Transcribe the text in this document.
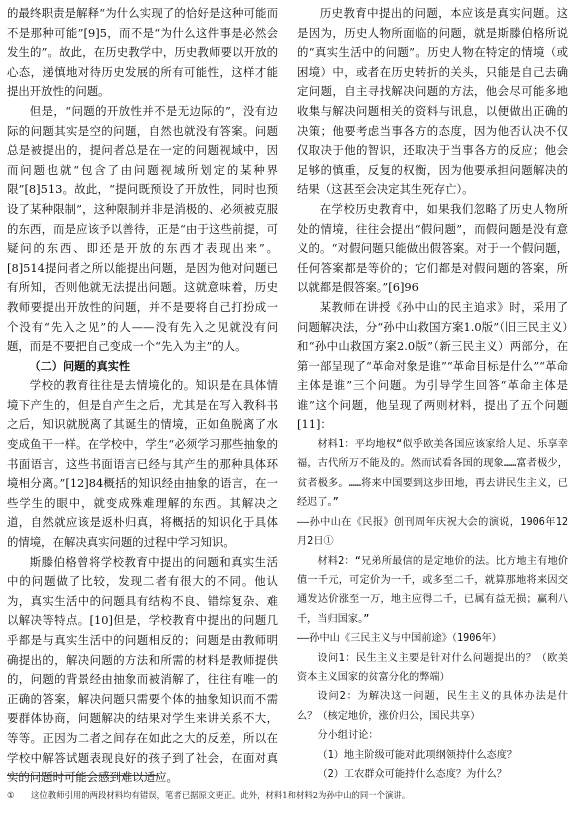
的最终职责是解释“为什么实现了的恰好是这种可能而不是那种可能”[9]5，而不是“为什么这件事是必然会发生的”。故此，在历史教学中，历史教师要以开放的心态，递慎地对待历史发展的所有可能性，这样才能提出开放性的问题。

但是，“问题的开放性并不是无边际的”，没有边际的问题其实是空的问题，自然也就没有答案。问题总是被提出的，提问者总是在一定的问题视域中，因而问题也就“包含了由问题视域所划定的某种界限”[8]513。故此，“提问既预设了开放性，同时也预设了某种限制”，这种限制并非是消极的、必须被克服的东西，而是应该予以善待，正是“由于这些前提，可疑问的东西、即还是开放的东西才表现出来”。[8]514提问者之所以能提出问题，是因为他对问题已有所知，否则他就无法提出问题。这就意味着，历史教师要提出开放性的问题，并不是要将自己打扮成一个没有“先入之见”的人——没有先入之见就没有问题，而是不要把自己变成一个“先入为主”的人。

（二）问题的真实性

学校的教育往往是去情境化的。知识是在具体情境下产生的，但是自产生之后，尤其是在写入教科书之后，知识就脱离了其诞生的情境，正如鱼脱离了水变成鱼干一样。在学校中，学生“必须学习那些抽象的书面语言，这些书面语言已经与其产生的那种具体环境相分离。”[12]84概括的知识经由抽象的语言，在一些学生的眼中，就变成殊难理解的东西。其解决之道，自然就应该是返朴归真，将概括的知识化于具体的情境，在解决真实问题的过程中学习知识。

斯滕伯格曾将学校教育中提出的问题和真实生活中的问题做了比较，发现二者有很大的不同。他认为，真实生活中的问题具有结构不良、错综复杂、难以解决等特点。[10]但是，学校教育中提出的问题几乎都是与真实生活中的问题相反的；问题是由教师明确提出的，解决问题的方法和所需的材料是教师提供的，问题的背景经由抽象而被消解了，往往有唯一的正确的答案，解决问题只需要个体的抽象知识而不需要群体协商，问题解决的结果对学生来讲关系不大，等等。正因为二者之间存在如此之大的反差，所以在学校中解答试题表现良好的孩子到了社会，在面对真实的问题时可能会感到难以适应。

历史教育中提出的问题，本应该是真实问题。这是因为，历史人物所面临的问题，就是斯滕伯格所说的“真实生活中的问题”。历史人物在特定的情境（或困境）中，或者在历史转折的关头，只能是自己去确定问题，自主寻找解决问题的方法，他会尽可能多地收集与解决问题相关的资料与讯息，以便做出正确的决策；他要考虑当事各方的态度，因为他否认决不仅仅取决于他的智识，还取决于当事各方的反应；他会足够的慎重，反复的权衡，因为他要承担问题解决的结果（这甚至会决定其生死存亡）。

在学校历史教育中，如果我们忽略了历史人物所处的情境，往往会提出“假问题”，而假问题是没有意义的。“对假问题只能做出假答案。对于一个假问题，任何答案都是等价的；它们都是对假问题的答案，所以就都是假答案。”[6]96

某教师在讲授《孙中山的民主追求》时，采用了问题解决法，分“孙中山救国方案1.0版”（旧三民主义）和“孙中山救国方案2.0版”（新三民主义）两部分，在第一部呈现了“革命对象是谁”“革命目标是什么”“革命主体是谁”三个问题。为引导学生回答“革命主体是谁”这个问题，他呈现了两则材料，提出了五个问题[11]：

材料1：平均地权“似乎欧美各国应该家给人足、乐享幸福，古代所万不能及的。然而试看各国的现象……富者极少，贫者极多。……将来中国要到这步田地，再去讲民生主义，已经迟了。”

——孙中山在《民报》创刊周年庆祝大会的演说，1906年12月2日①

材料2：“兄弟所最信的是定地价的法。比方地主有地价值一千元，可定价为一千，或多至二千，就算那地将来因交通发达价涨至一万，地主应得二千，已属有益无损；赢利八千，当归国家。”

——孙中山《三民主义与中国前途》（1906年）

设问1：民生主义主要是针对什么问题提出的？（欧美资本主义国家的贫富分化的弊端）

设问2：为解决这一问题，民生主义的具体办法是什么？（核定地价，涨价归公，国民共享）

分小组讨论：

（1）地主阶级可能对此项纲领持什么态度？

（2）工农群众可能持什么态度？为什么？

① 这位教师引用的两段材料均有错误，笔者已据原文更正。此外，材料1和材料2为孙中山的同一个演讲。
